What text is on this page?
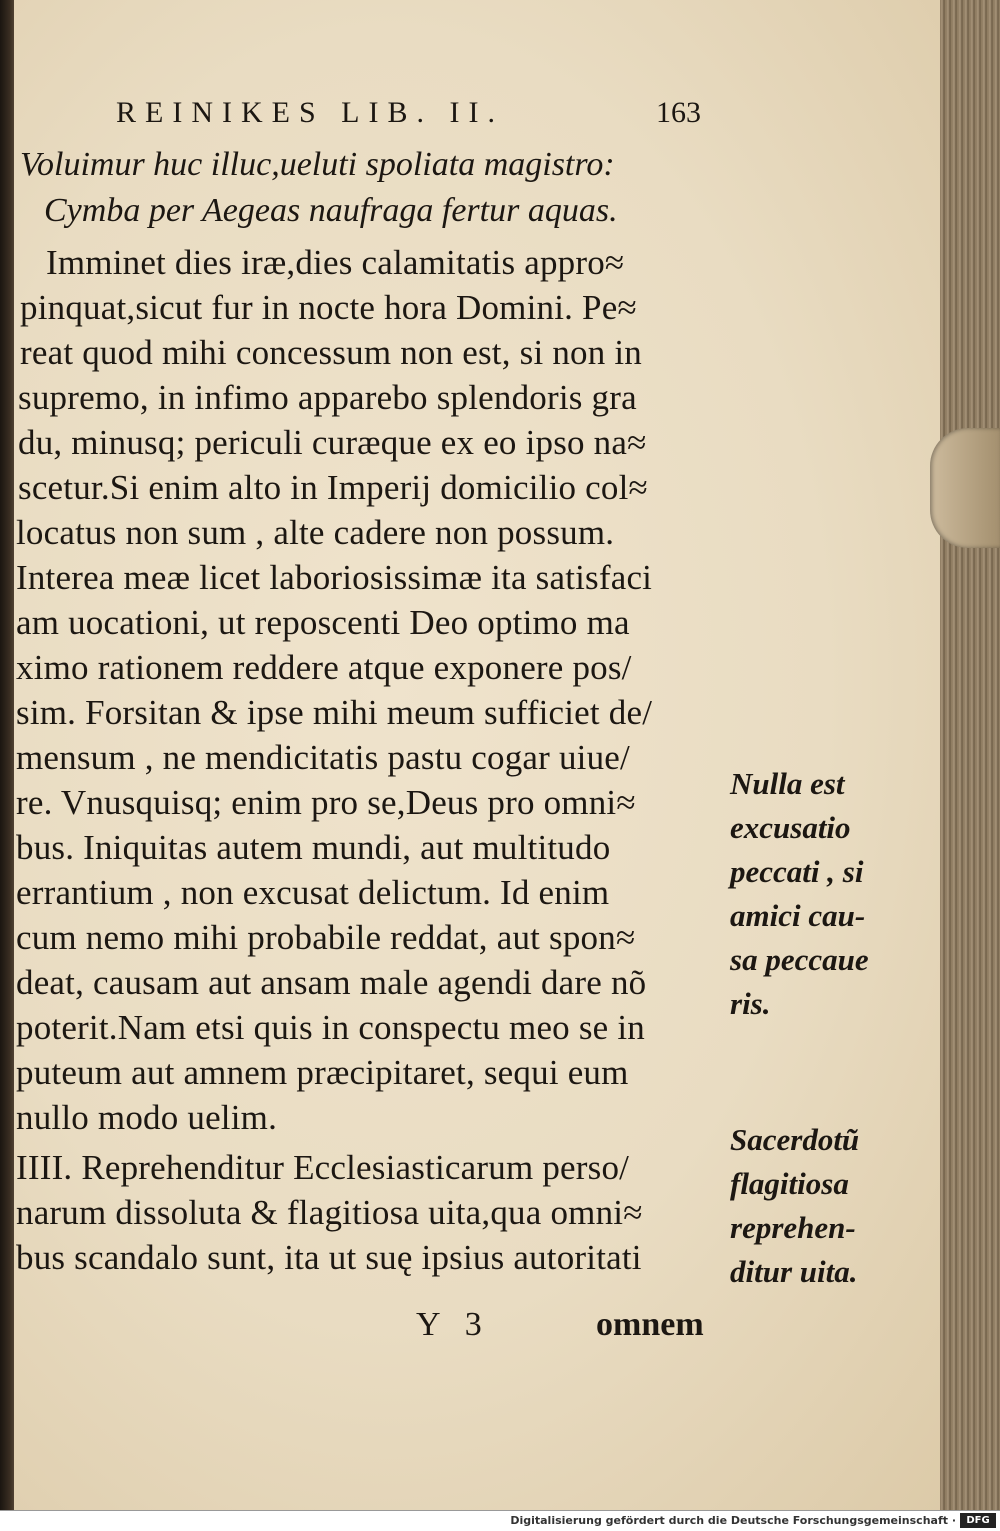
REINIKES LIB. II.	163
Voluimur huc illuc,ueluti spoliata magistro:
Cymba per Aegeas naufraga fertur aquas.
Imminet dies iræ,dies calamitatis appro≈
pinquat,sicut fur in nocte hora Domini. Pe≈
reat quod mihi concessum non est, si non in
supremo, in infimo apparebo splendoris gra
du, minusq; periculi curæque ex eo ipso na≈
scetur.Si enim alto in Imperij domicilio col≈
locatus non sum , alte cadere non possum.
Interea meæ licet laboriosissimæ ita satisfaci
am uocationi, ut reposcenti Deo optimo ma
ximo rationem reddere atque exponere pos/
sim. Forsitan & ipse mihi meum sufficiet de/
mensum , ne mendicitatis pastu cogar uiue/
re. Vnusquisq; enim pro se,Deus pro omni≈
bus. Iniquitas autem mundi, aut multitudo
errantium , non excusat delictum. Id enim
cum nemo mihi probabile reddat, aut spon≈
deat, causam aut ansam male agendi dare nõ
poterit.Nam etsi quis in conspectu meo se in
puteum aut amnem præcipitaret, sequi eum
nullo modo uelim.
IIII. Reprehenditur Ecclesiasticarum perso/
narum dissoluta & flagitiosa uita,qua omni≈
bus scandalo sunt, ita ut suę ipsius autoritati
Nulla est
excusatio
peccati , si
amici cau-
sa peccaue
ris.
Sacerdotũ
flagitiosa
reprehen-
ditur uita.
Y   3	omnem
Digitalisierung gefördert durch die Deutsche Forschungsgemeinschaft ·	DFG
